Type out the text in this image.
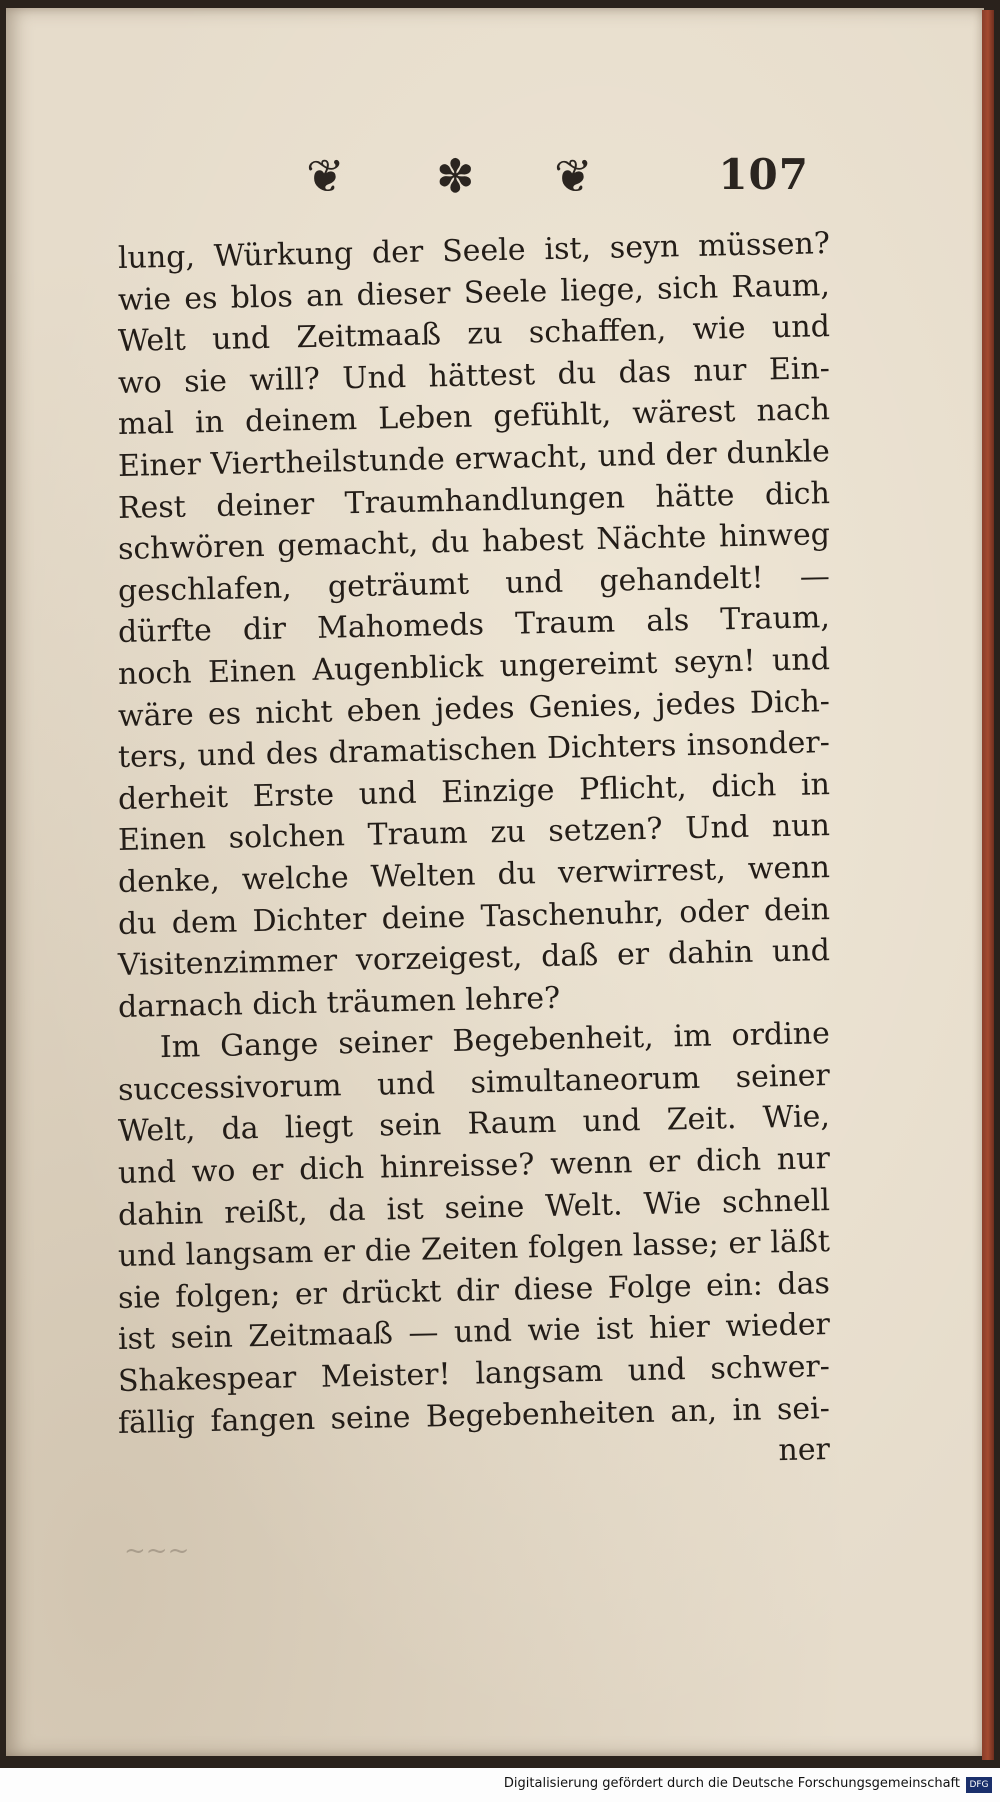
❦ ✽ ❦	107
lung, Würkung der Seele ist, seyn müssen?
wie es blos an dieser Seele liege, sich Raum,
Welt und Zeitmaaß zu schaffen, wie und
wo sie will? Und hättest du das nur Ein-
mal in deinem Leben gefühlt, wärest nach
Einer Viertheilstunde erwacht, und der dunkle
Rest deiner Traumhandlungen hätte dich
schwören gemacht, du habest Nächte hinweg
geschlafen, geträumt und gehandelt! —
dürfte dir Mahomeds Traum als Traum,
noch Einen Augenblick ungereimt seyn! und
wäre es nicht eben jedes Genies, jedes Dich-
ters, und des dramatischen Dichters insonder-
derheit Erste und Einzige Pflicht, dich in
Einen solchen Traum zu setzen? Und nun
denke, welche Welten du verwirrest, wenn
du dem Dichter deine Taschenuhr, oder dein
Visitenzimmer vorzeigest, daß er dahin und
darnach dich träumen lehre?
Im Gange seiner Begebenheit, im ordine
successivorum und simultaneorum seiner
Welt, da liegt sein Raum und Zeit. Wie,
und wo er dich hinreisse? wenn er dich nur
dahin reißt, da ist seine Welt. Wie schnell
und langsam er die Zeiten folgen lasse; er läßt
sie folgen; er drückt dir diese Folge ein: das
ist sein Zeitmaaß — und wie ist hier wieder
Shakespear Meister! langsam und schwer-
fällig fangen seine Begebenheiten an, in sei-
ner
~~~
Digitalisierung gefördert durch die Deutsche Forschungsgemeinschaft	DFG
